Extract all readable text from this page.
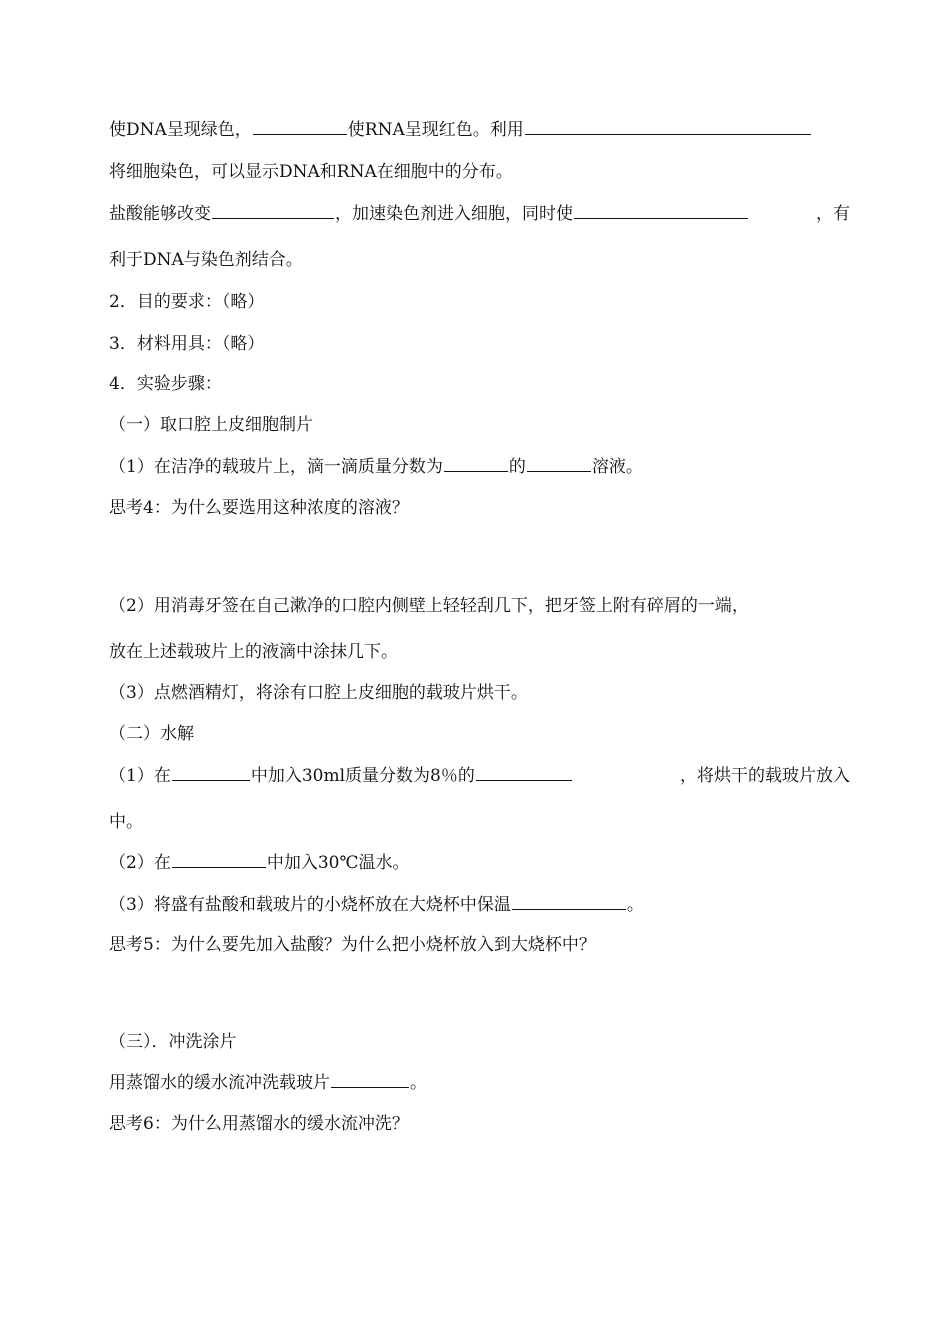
使DNA呈现绿色，	使RNA呈现红色。利用
将细胞染色，可以显示DNA和RNA在细胞中的分布。
盐酸能够改变	，加速染色剂进入细胞，同时使	，有
利于DNA与染色剂结合。
2．目的要求：（略）
3．材料用具：（略）
4．实验步骤：
（一）取口腔上皮细胞制片
（1）在洁净的载玻片上，滴一滴质量分数为	的	溶液。
思考4：为什么要选用这种浓度的溶液？
（2）用消毒牙签在自己漱净的口腔内侧壁上轻轻刮几下，把牙签上附有碎屑的一端，
放在上述载玻片上的液滴中涂抹几下。
（3）点燃酒精灯，将涂有口腔上皮细胞的载玻片烘干。
（二）水解
（1）在	中加入30ml质量分数为8％的	，将烘干的载玻片放入
中。
（2）在	中加入30℃温水。
（3）将盛有盐酸和载玻片的小烧杯放在大烧杯中保温	。
思考5：为什么要先加入盐酸？为什么把小烧杯放入到大烧杯中？
（三）．冲洗涂片
用蒸馏水的缓水流冲洗载玻片	。
思考6：为什么用蒸馏水的缓水流冲洗？
